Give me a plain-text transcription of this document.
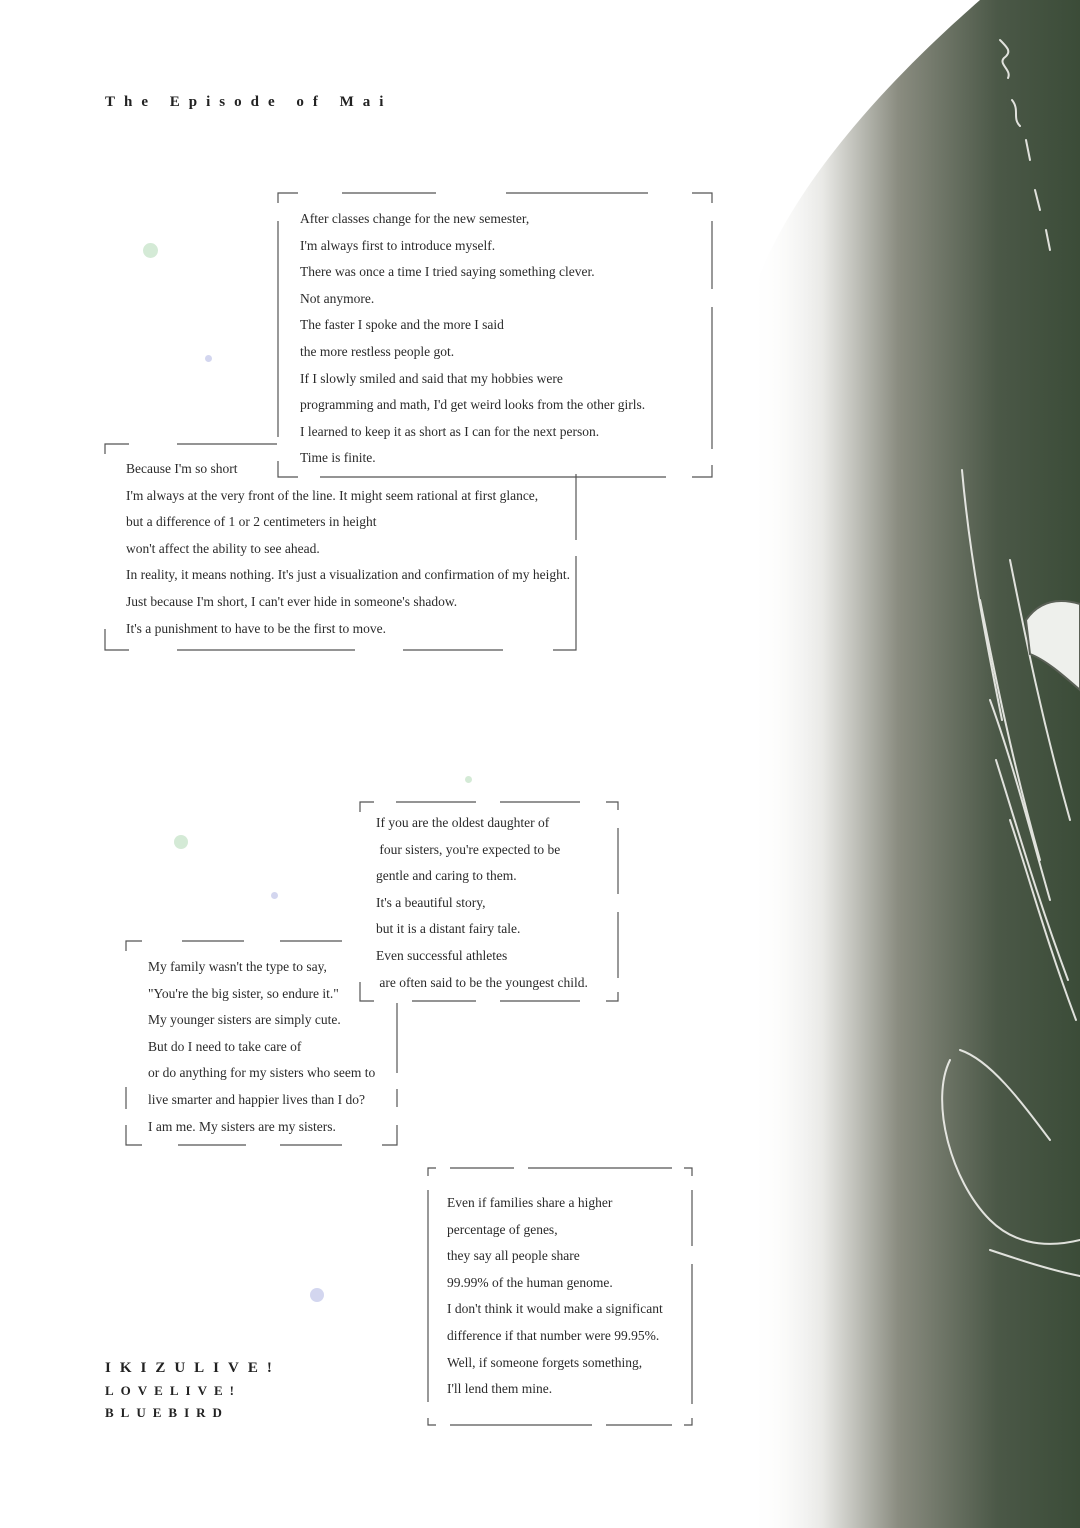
The Episode of Mai
Because I'm so short
I'm always at the very front of the line. It might seem rational at first glance,
but a difference of 1 or 2 centimeters in height
won't affect the ability to see ahead.
In reality, it means nothing. It's just a visualization and confirmation of my height.
Just because I'm short, I can't ever hide in someone's shadow.
It's a punishment to have to be the first to move.
After classes change for the new semester,
I'm always first to introduce myself.
There was once a time I tried saying something clever.
Not anymore.
The faster I spoke and the more I said
the more restless people got.
If I slowly smiled and said that my hobbies were
programming and math, I'd get weird looks from the other girls.
I learned to keep it as short as I can for the next person.
Time is finite.
If you are the oldest daughter of
four sisters, you're expected to be
gentle and caring to them.
It's a beautiful story,
but it is a distant fairy tale.
Even successful athletes
are often said to be the youngest child.
My family wasn't the type to say,
"You're the big sister, so endure it."
My younger sisters are simply cute.
But do I need to take care of
or do anything for my sisters who seem to
live smarter and happier lives than I do?
I am me. My sisters are my sisters.
Even if families share a higher
percentage of genes,
they say all people share
99.99% of the human genome.
I don't think it would make a significant
difference if that number were 99.95%.
Well, if someone forgets something,
I'll lend them mine.
IKIZULIVE!
LOVELIVE!
BLUEBIRD
